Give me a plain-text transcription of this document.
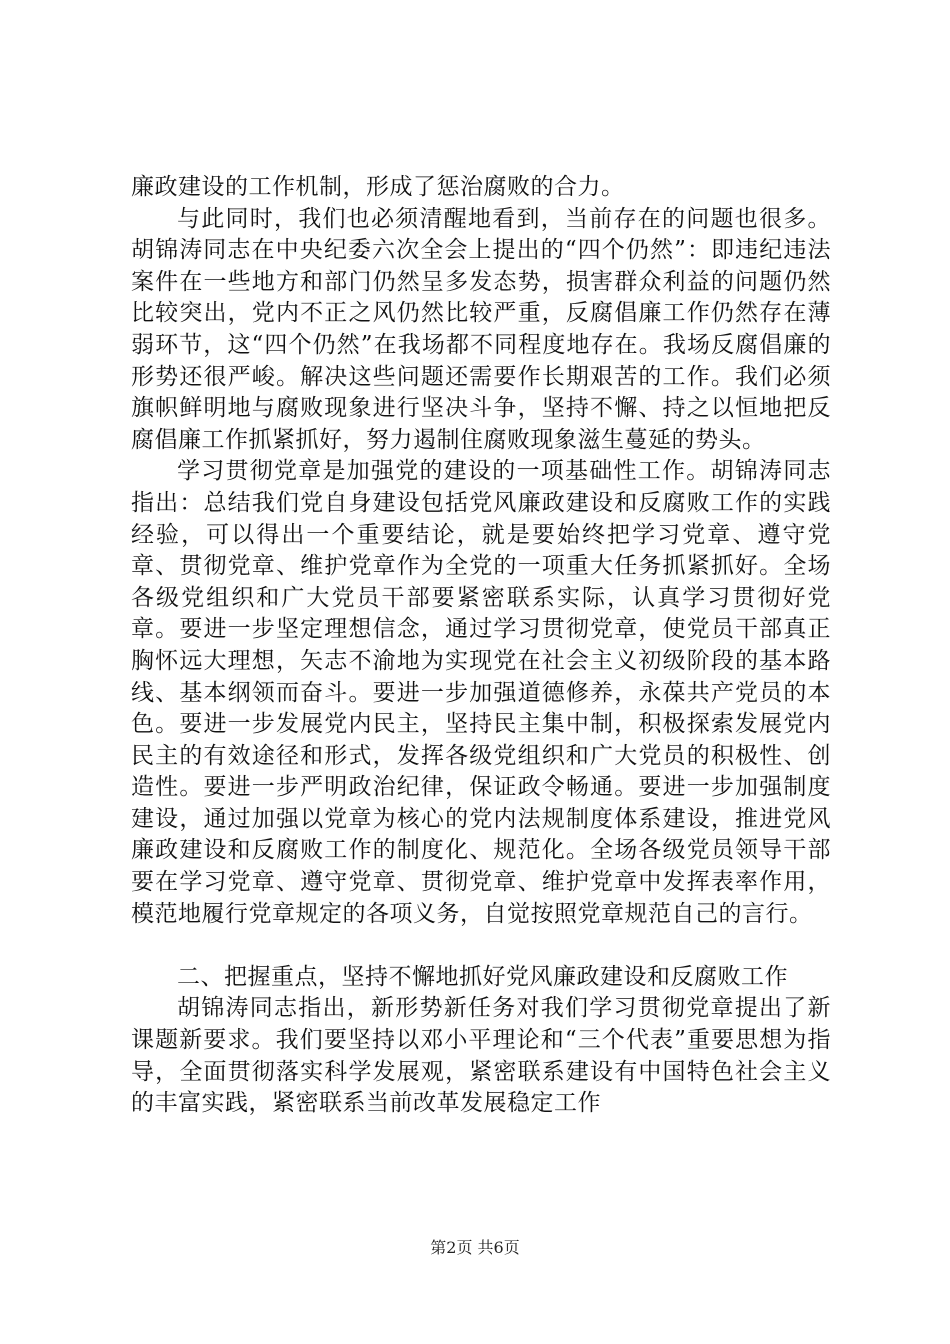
廉政建设的工作机制，形成了惩治腐败的合力。

与此同时，我们也必须清醒地看到，当前存在的问题也很多。胡锦涛同志在中央纪委六次全会上提出的“四个仍然”：即违纪违法案件在一些地方和部门仍然呈多发态势，损害群众利益的问题仍然比较突出，党内不正之风仍然比较严重，反腐倡廉工作仍然存在薄弱环节，这“四个仍然”在我场都不同程度地存在。我场反腐倡廉的形势还很严峻。解决这些问题还需要作长期艰苦的工作。我们必须旗帜鲜明地与腐败现象进行坚决斗争，坚持不懈、持之以恒地把反腐倡廉工作抓紧抓好，努力遏制住腐败现象滋生蔓延的势头。

学习贯彻党章是加强党的建设的一项基础性工作。胡锦涛同志指出：总结我们党自身建设包括党风廉政建设和反腐败工作的实践经验，可以得出一个重要结论，就是要始终把学习党章、遵守党章、贯彻党章、维护党章作为全党的一项重大任务抓紧抓好。全场各级党组织和广大党员干部要紧密联系实际，认真学习贯彻好党章。要进一步坚定理想信念，通过学习贯彻党章，使党员干部真正胸怀远大理想，矢志不渝地为实现党在社会主义初级阶段的基本路线、基本纲领而奋斗。要进一步加强道德修养，永葆共产党员的本色。要进一步发展党内民主，坚持民主集中制，积极探索发展党内民主的有效途径和形式，发挥各级党组织和广大党员的积极性、创造性。要进一步严明政治纪律，保证政令畅通。要进一步加强制度建设，通过加强以党章为核心的党内法规制度体系建设，推进党风廉政建设和反腐败工作的制度化、规范化。全场各级党员领导干部要在学习党章、遵守党章、贯彻党章、维护党章中发挥表率作用，模范地履行党章规定的各项义务，自觉按照党章规范自己的言行。

二、把握重点，坚持不懈地抓好党风廉政建设和反腐败工作

胡锦涛同志指出，新形势新任务对我们学习贯彻党章提出了新课题新要求。我们要坚持以邓小平理论和“三个代表”重要思想为指导，全面贯彻落实科学发展观，紧密联系建设有中国特色社会主义的丰富实践，紧密联系当前改革发展稳定工作

第2页 共6页
